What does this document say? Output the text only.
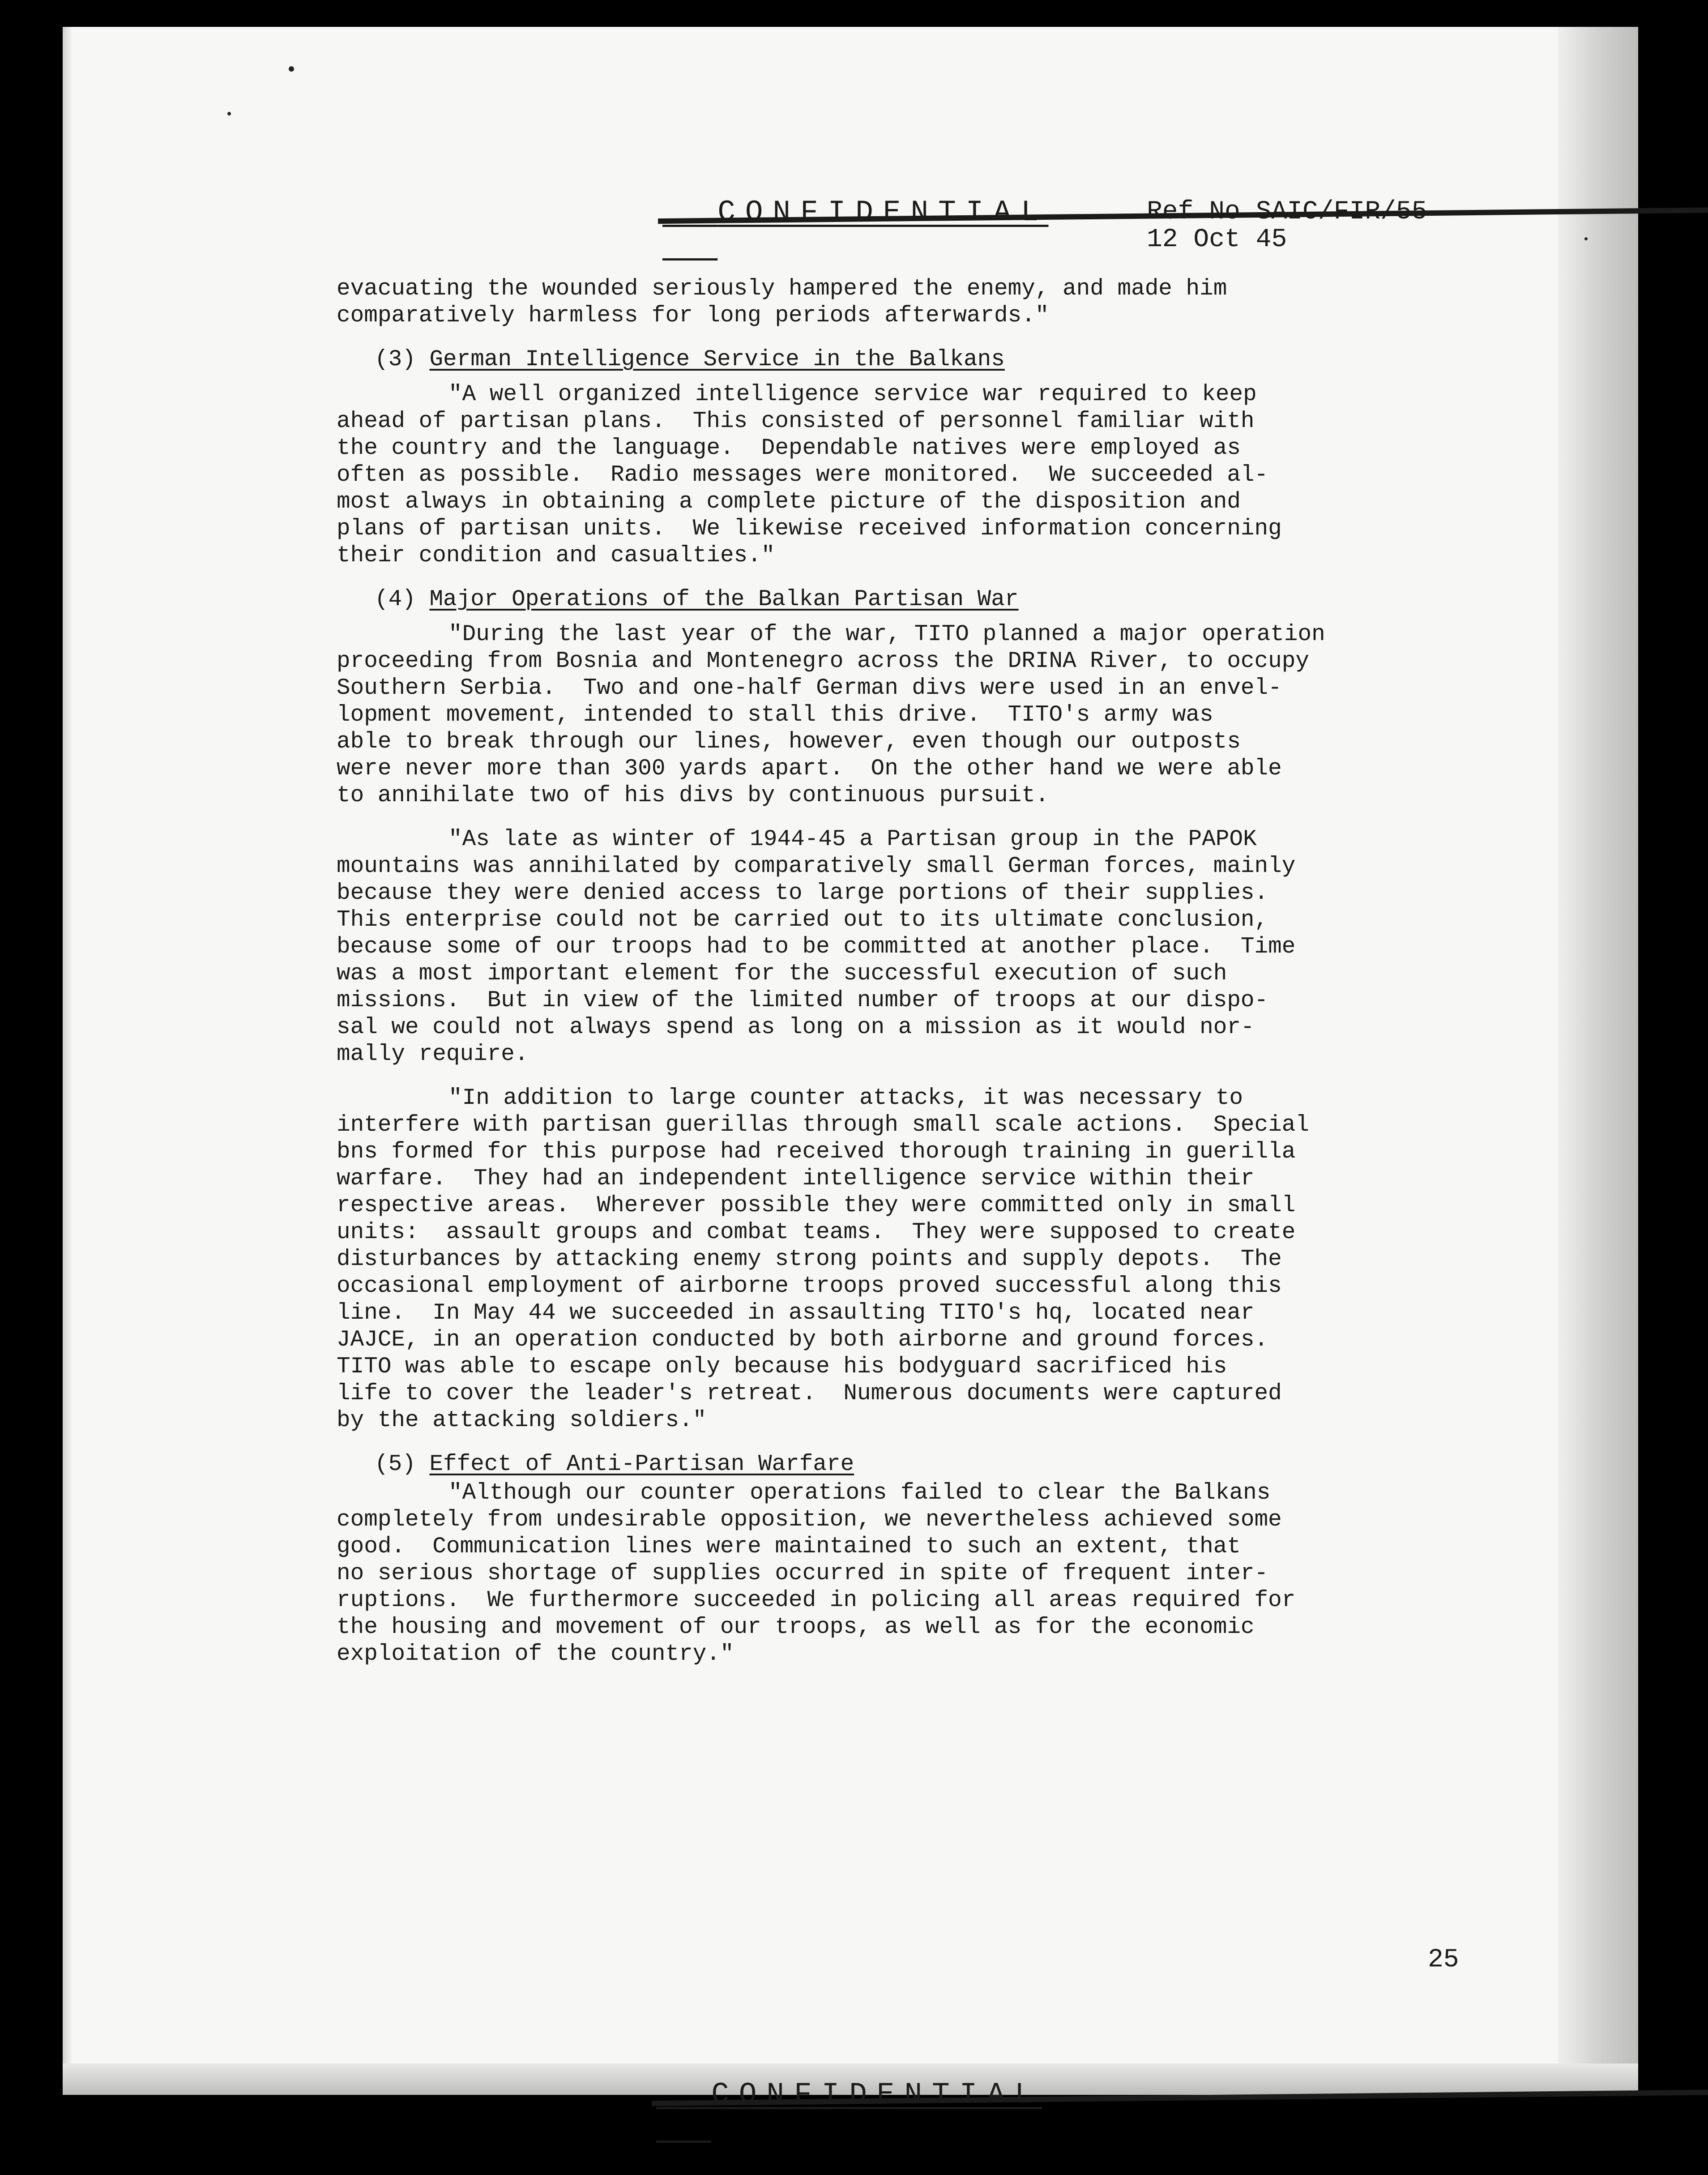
CONFIDENTIAL
	Ref No SAIC/FIR/55
12 Oct 45
evacuating the wounded seriously hampered the enemy, and made him
comparatively harmless for long periods afterwards."
(3) German Intelligence Service in the Balkans
"A well organized intelligence service war required to keep
ahead of partisan plans.  This consisted of personnel familiar with
the country and the language.  Dependable natives were employed as
often as possible.  Radio messages were monitored.  We succeeded al-
most always in obtaining a complete picture of the disposition and
plans of partisan units.  We likewise received information concerning
their condition and casualties."
(4) Major Operations of the Balkan Partisan War
"During the last year of the war, TITO planned a major operation
proceeding from Bosnia and Montenegro across the DRINA River, to occupy
Southern Serbia.  Two and one-half German divs were used in an envel-
lopment movement, intended to stall this drive.  TITO's army was
able to break through our lines, however, even though our outposts
were never more than 300 yards apart.  On the other hand we were able
to annihilate two of his divs by continuous pursuit.
"As late as winter of 1944-45 a Partisan group in the PAPOK
mountains was annihilated by comparatively small German forces, mainly
because they were denied access to large portions of their supplies.
This enterprise could not be carried out to its ultimate conclusion,
because some of our troops had to be committed at another place.  Time
was a most important element for the successful execution of such
missions.  But in view of the limited number of troops at our dispo-
sal we could not always spend as long on a mission as it would nor-
mally require.
"In addition to large counter attacks, it was necessary to
interfere with partisan guerillas through small scale actions.  Special
bns formed for this purpose had received thorough training in guerilla
warfare.  They had an independent intelligence service within their
respective areas.  Wherever possible they were committed only in small
units:  assault groups and combat teams.  They were supposed to create
disturbances by attacking enemy strong points and supply depots.  The
occasional employment of airborne troops proved successful along this
line.  In May 44 we succeeded in assaulting TITO's hq, located near
JAJCE, in an operation conducted by both airborne and ground forces.
TITO was able to escape only because his bodyguard sacrificed his
life to cover the leader's retreat.  Numerous documents were captured
by the attacking soldiers."
(5) Effect of Anti-Partisan Warfare
"Although our counter operations failed to clear the Balkans
completely from undesirable opposition, we nevertheless achieved some
good.  Communication lines were maintained to such an extent, that
no serious shortage of supplies occurred in spite of frequent inter-
ruptions.  We furthermore succeeded in policing all areas required for
the housing and movement of our troops, as well as for the economic
exploitation of the country."

CONFIDENTIAL

25
